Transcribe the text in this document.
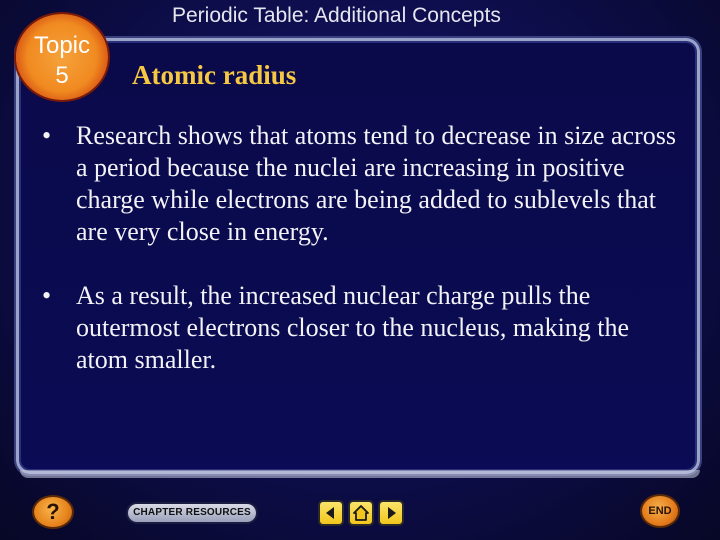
Topic
5
Periodic Table: Additional Concepts
Atomic radius
• Research shows that atoms tend to decrease in size across a period because the nuclei are increasing in positive charge while electrons are being added to sublevels that are very close in energy.
• As a result, the increased nuclear charge pulls the outermost electrons closer to the nucleus, making the atom smaller.
?	CHAPTER RESOURCES	END
